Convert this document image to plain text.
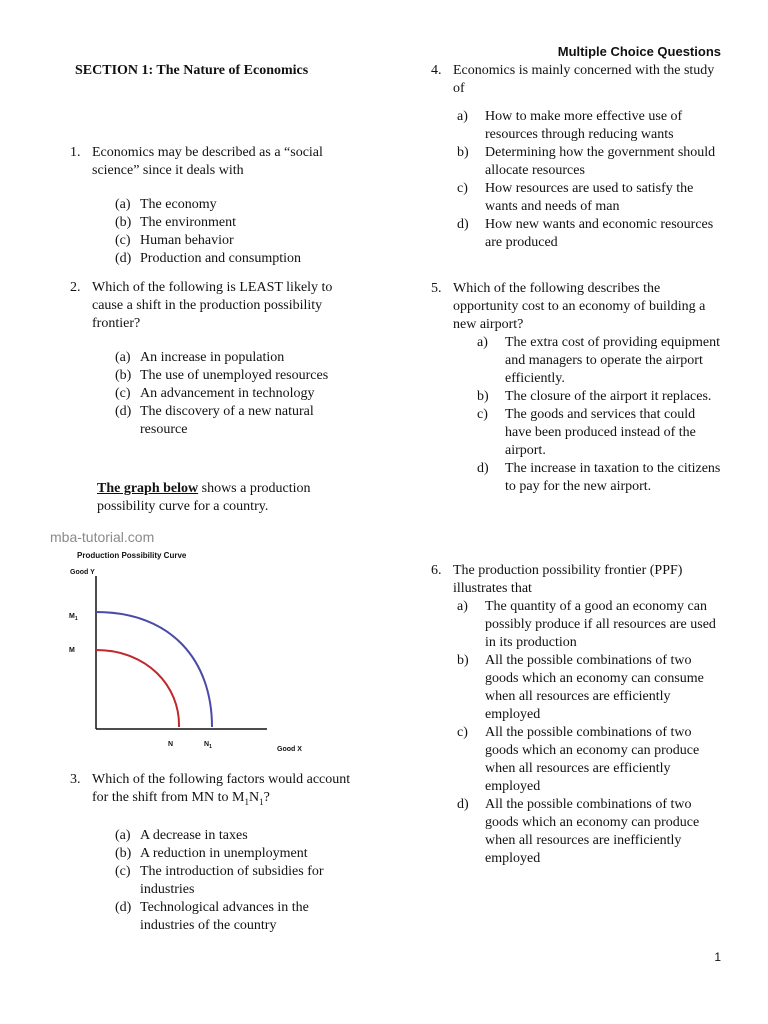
Multiple Choice Questions
SECTION 1: The Nature of Economics
1. Economics may be described as a “social science” since it deals with
(a) The economy
(b) The environment
(c) Human behavior
(d) Production and consumption
2. Which of the following is LEAST likely to cause a shift in the production possibility frontier?
(a) An increase in population
(b) The use of unemployed resources
(c) An advancement in technology
(d) The discovery of a new natural resource
The graph below shows a production possibility curve for a country.
mba-tutorial.com
Production Possibility Curve
Good Y
$M_1$
M
N	$N_1$	Good X
3. Which of the following factors would account for the shift from MN to $M_1N_1$?
(a) A decrease in taxes
(b) A reduction in unemployment
(c) The introduction of subsidies for industries
(d) Technological advances in the industries of the country
4. Economics is mainly concerned with the study of
a)	How to make more effective use of resources through reducing wants
b)	Determining how the government should allocate resources
c)	How resources are used to satisfy the wants and needs of man
d)	How new wants and economic resources are produced
5. Which of the following describes the opportunity cost to an economy of building a new airport?
a)	The extra cost of providing equipment and managers to operate the airport efficiently.
b)	The closure of the airport it replaces.
c)	The goods and services that could have been produced instead of the airport.
d)	The increase in taxation to the citizens to pay for the new airport.
6. The production possibility frontier (PPF) illustrates that
a)	The quantity of a good an economy can possibly produce if all resources are used in its production
b)	All the possible combinations of two goods which an economy can consume when all resources are efficiently employed
c)	All the possible combinations of two goods which an economy can produce when all resources are efficiently employed
d)	All the possible combinations of two goods which an economy can produce when all resources are inefficiently employed
1
